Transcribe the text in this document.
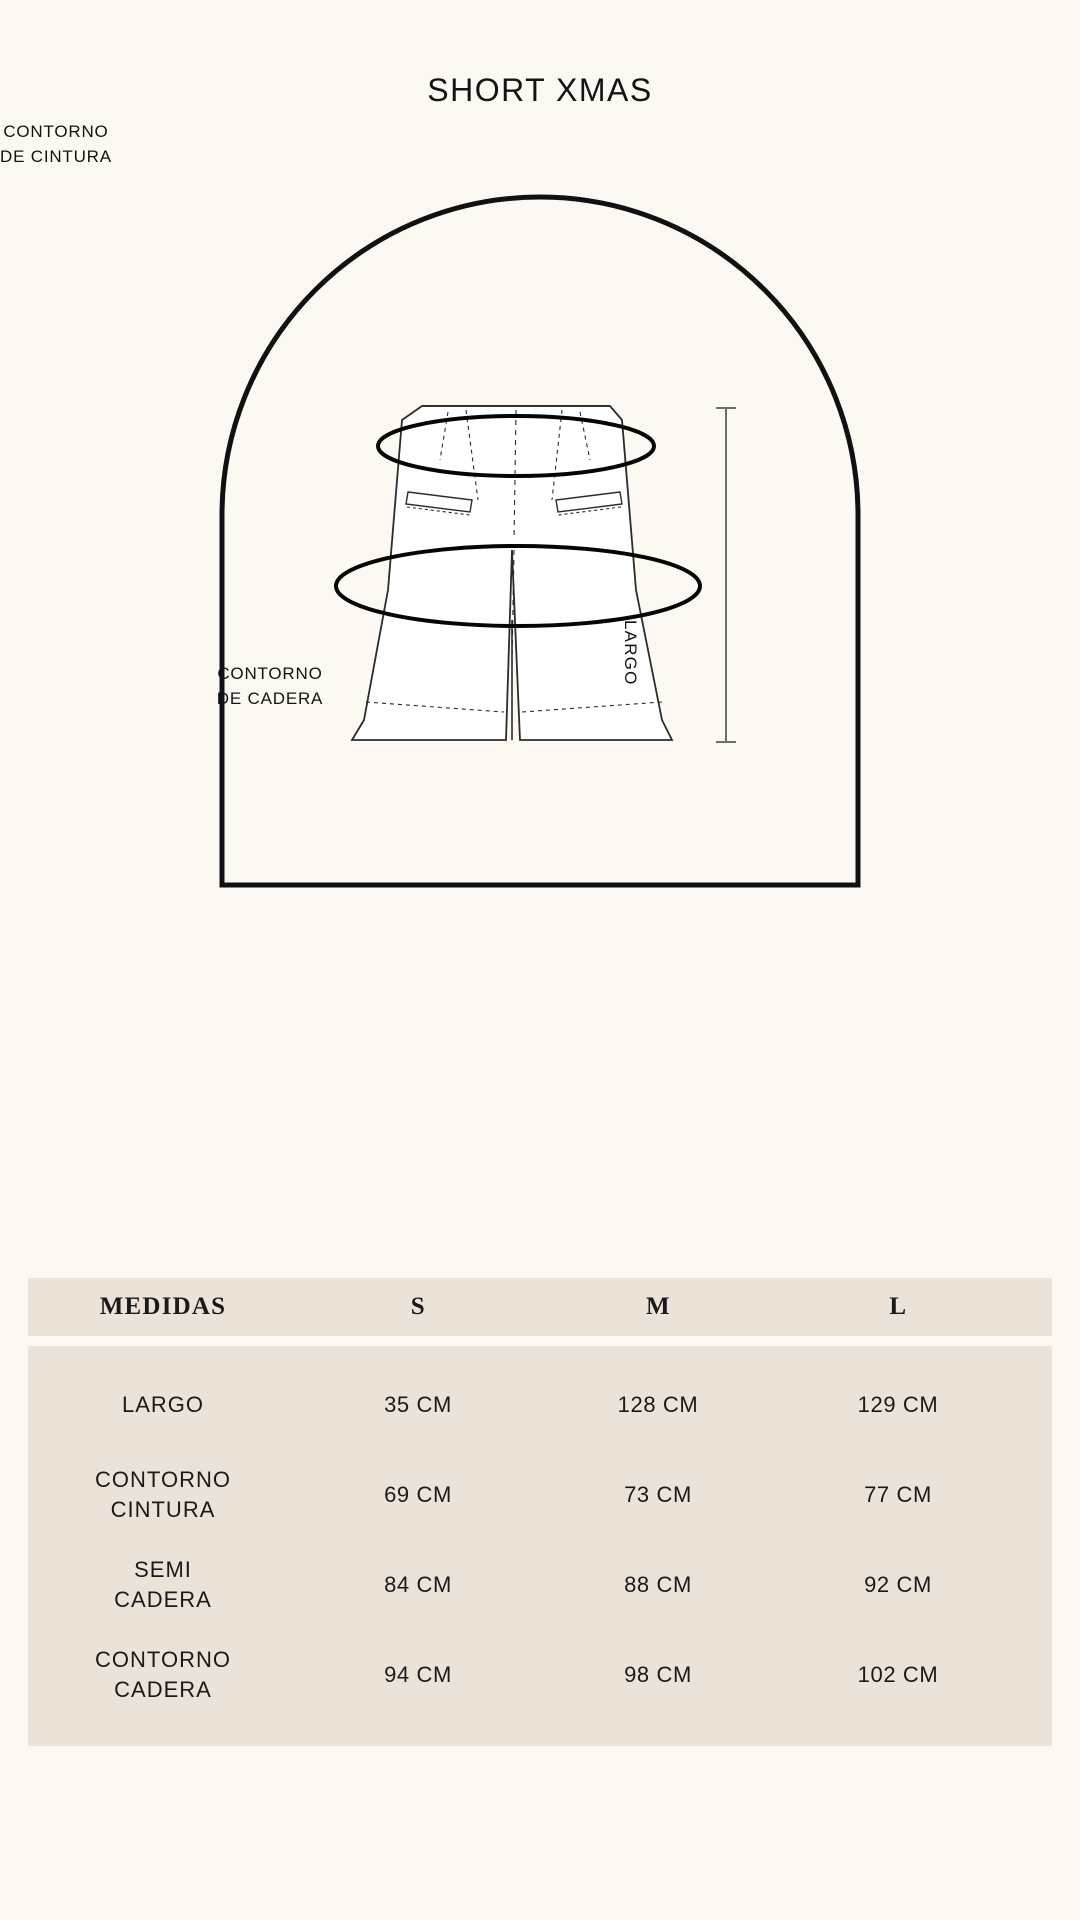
SHORT XMAS
CONTORNO
DE CINTURA
CONTORNO
DE CADERA
LARGO
MEDIDAS	S	M	L
LARGO	35 CM	128 CM	129 CM
CONTORNO
CINTURA
69 CM	73 CM	77 CM
SEMI
CADERA
84 CM	88 CM	92 CM
CONTORNO
CADERA
94 CM	98 CM	102 CM
